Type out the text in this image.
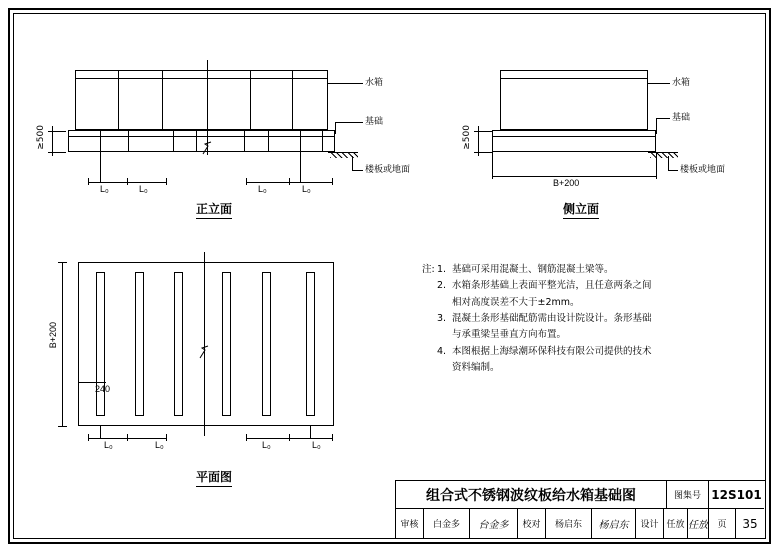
≥500
水箱
基础
楼板或地面
L₀	L₀	L₀	L₀
正立面
≥500
水箱
基础
楼板或地面
B+200
侧立面
B+200
240
L₀	L₀	L₀	L₀
平面图
注: 1. 基础可采用混凝土、钢筋混凝土梁等。
2. 水箱条形基础上表面平整光洁，且任意两条之间
相对高度误差不大于±2mm。
3. 混凝土条形基础配筋需由设计院设计。条形基础
与承重梁呈垂直方向布置。
4. 本图根据上海绿潮环保科技有限公司提供的技术
资料编制。
组合式不锈钢波纹板给水箱基础图	图集号 12S101
审核	白金多	台金多	校对	杨启东	杨启东	设计 任放 任放	页	35
